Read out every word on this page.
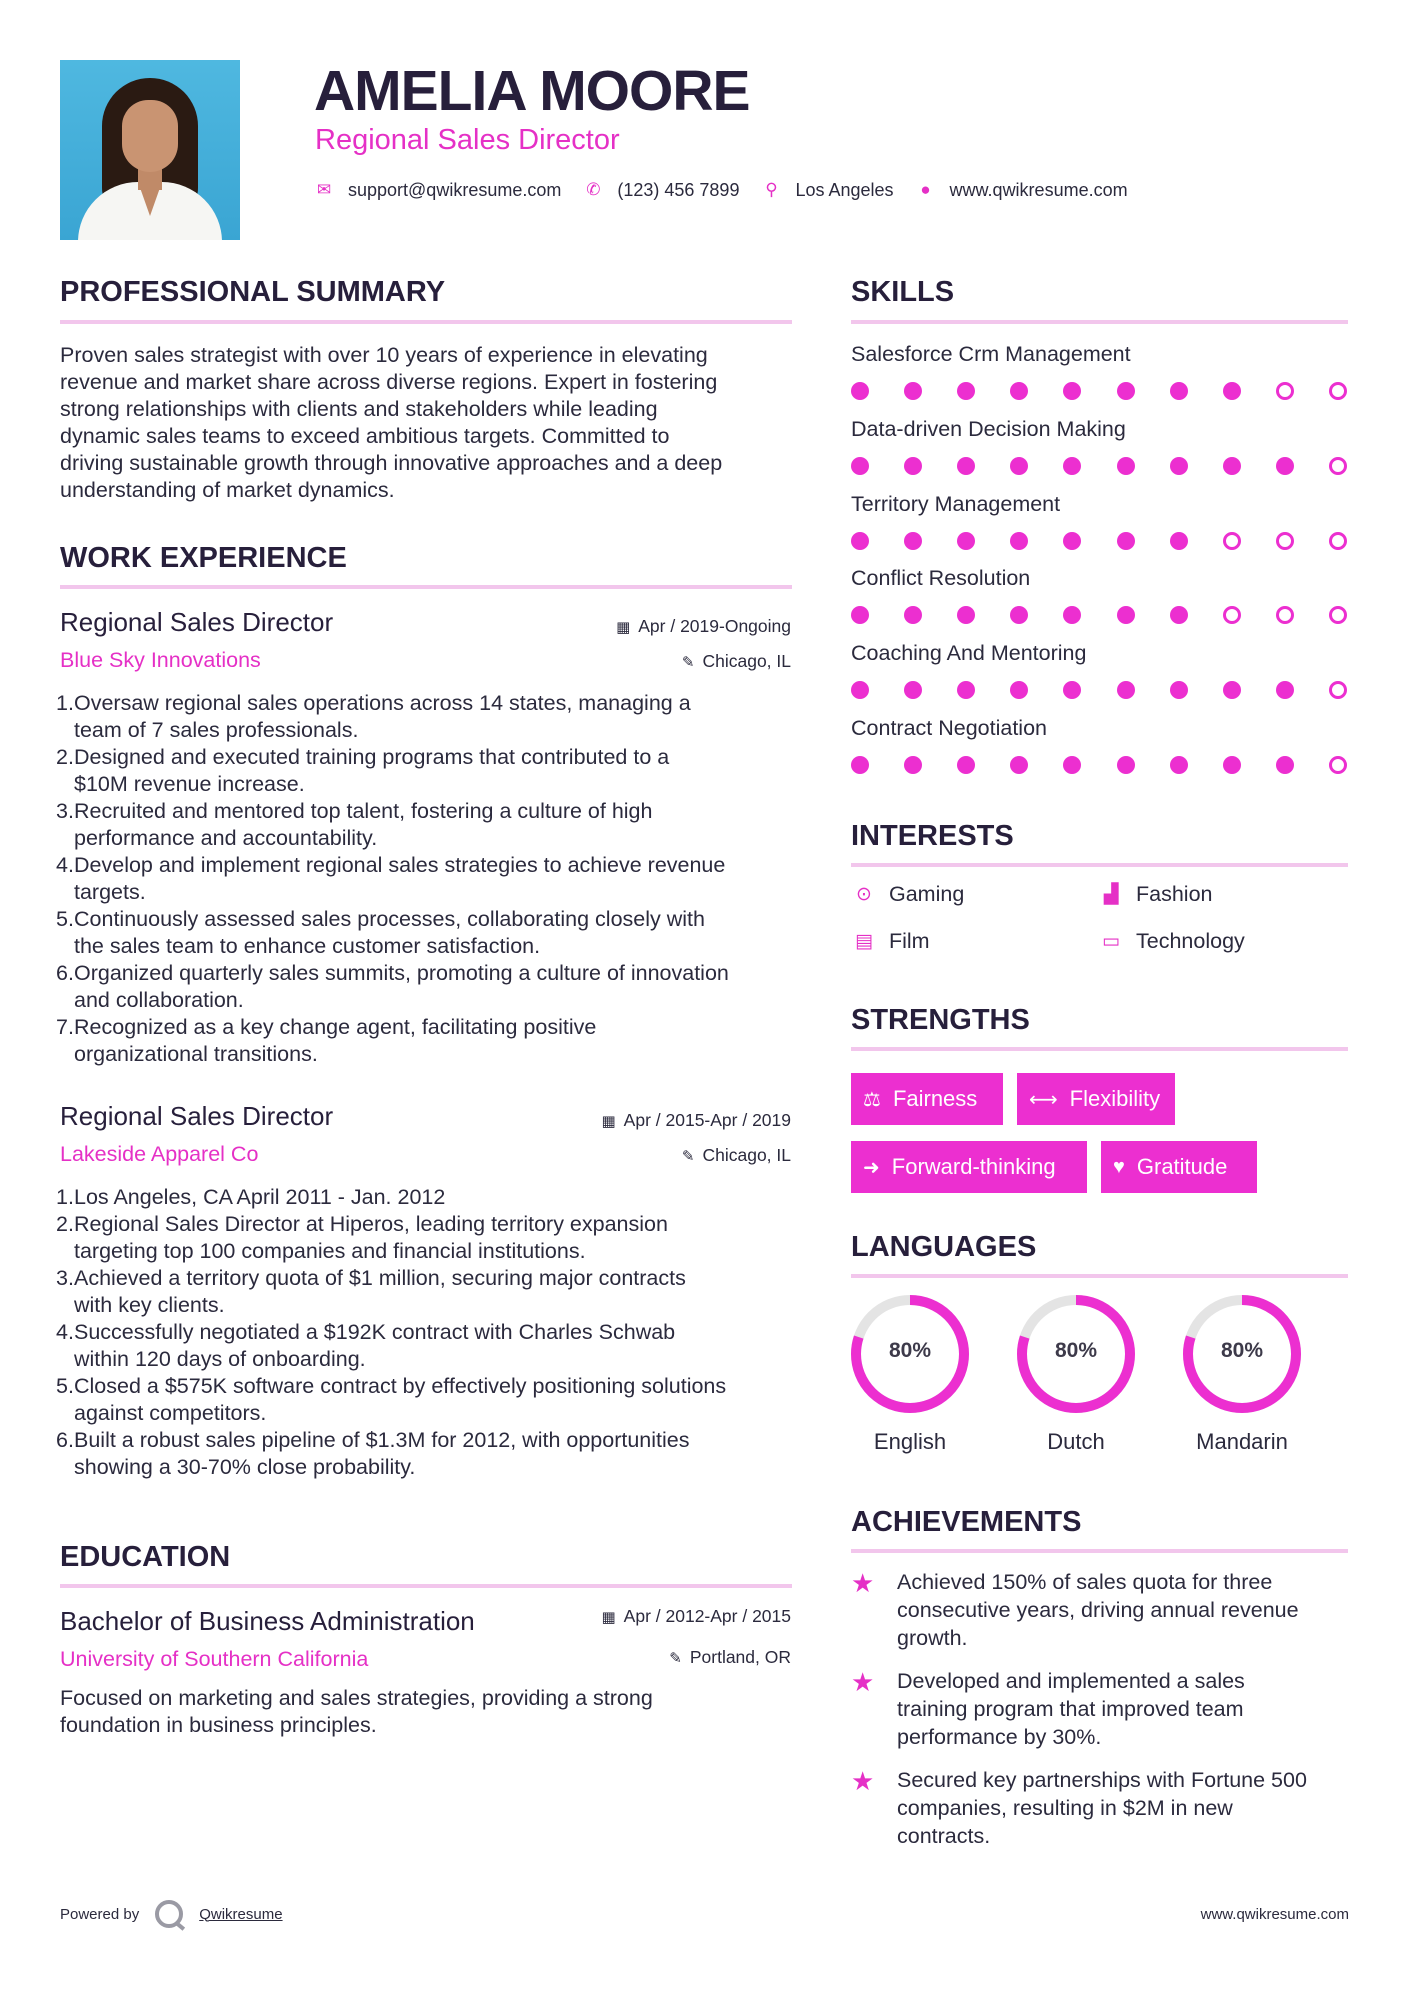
AMELIA MOORE
Regional Sales Director
✉ support@qwikresume.com ✆ (123) 456 7899 ⚲ Los Angeles ● www.qwikresume.com
PROFESSIONAL SUMMARY
Proven sales strategist with over 10 years of experience in elevating
revenue and market share across diverse regions. Expert in fostering
strong relationships with clients and stakeholders while leading
dynamic sales teams to exceed ambitious targets. Committed to
driving sustainable growth through innovative approaches and a deep
understanding of market dynamics.
WORK EXPERIENCE
Regional Sales Director	▦ Apr / 2019-Ongoing
Blue Sky Innovations	✎ Chicago, IL
1. Oversaw regional sales operations across 14 states, managing a
team of 7 sales professionals.
2. Designed and executed training programs that contributed to a
$10M revenue increase.
3. Recruited and mentored top talent, fostering a culture of high
performance and accountability.
4. Develop and implement regional sales strategies to achieve revenue
targets.
5. Continuously assessed sales processes, collaborating closely with
the sales team to enhance customer satisfaction.
6. Organized quarterly sales summits, promoting a culture of innovation
and collaboration.
7. Recognized as a key change agent, facilitating positive
organizational transitions.
Regional Sales Director	▦ Apr / 2015-Apr / 2019
Lakeside Apparel Co	✎ Chicago, IL
1. Los Angeles, CA April 2011 - Jan. 2012
2. Regional Sales Director at Hiperos, leading territory expansion
targeting top 100 companies and financial institutions.
3. Achieved a territory quota of $1 million, securing major contracts
with key clients.
4. Successfully negotiated a $192K contract with Charles Schwab
within 120 days of onboarding.
5. Closed a $575K software contract by effectively positioning solutions
against competitors.
6. Built a robust sales pipeline of $1.3M for 2012, with opportunities
showing a 30-70% close probability.
EDUCATION
Bachelor of Business Administration	▦ Apr / 2012-Apr / 2015
University of Southern California	✎ Portland, OR
Focused on marketing and sales strategies, providing a strong
foundation in business principles.
SKILLS
Salesforce Crm Management
Data-driven Decision Making
Territory Management
Conflict Resolution
Coaching And Mentoring
Contract Negotiation
INTERESTS
⊙ Gaming	▟ Fashion
▤ Film	▭ Technology
STRENGTHS
⚖ Fairness	⟷ Flexibility
➜ Forward-thinking	♥ Gratitude
LANGUAGES
80%
English
80%
Dutch
80%
Mandarin
ACHIEVEMENTS
★ Achieved 150% of sales quota for three
consecutive years, driving annual revenue
growth.
★ Developed and implemented a sales
training program that improved team
performance by 30%.
★ Secured key partnerships with Fortune 500
companies, resulting in $2M in new
contracts.
Powered by	Qwikresume	www.qwikresume.com
